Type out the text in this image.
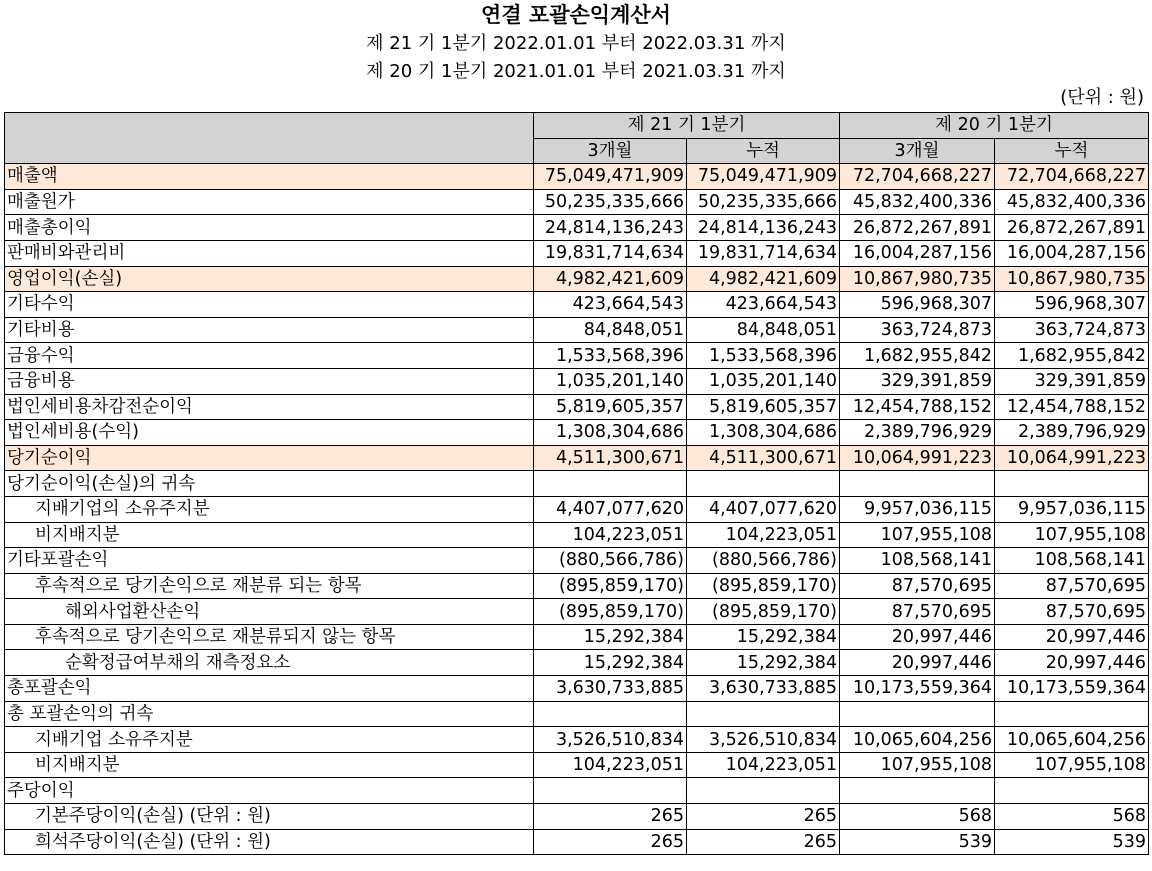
연결 포괄손익계산서
제 21 기 1분기 2022.01.01 부터 2022.03.31 까지
제 20 기 1분기 2021.01.01 부터 2021.03.31 까지
(단위 : 원)
	제 21 기 1분기		제 20 기 1분기	
	3개월	누적	3개월	누적
매출액	75,049,471,909	75,049,471,909	72,704,668,227	72,704,668,227
매출원가	50,235,335,666	50,235,335,666	45,832,400,336	45,832,400,336
매출총이익	24,814,136,243	24,814,136,243	26,872,267,891	26,872,267,891
판매비와관리비	19,831,714,634	19,831,714,634	16,004,287,156	16,004,287,156
영업이익(손실)	4,982,421,609	4,982,421,609	10,867,980,735	10,867,980,735
기타수익	423,664,543	423,664,543	596,968,307	596,968,307
기타비용	84,848,051	84,848,051	363,724,873	363,724,873
금융수익	1,533,568,396	1,533,568,396	1,682,955,842	1,682,955,842
금융비용	1,035,201,140	1,035,201,140	329,391,859	329,391,859
법인세비용차감전순이익	5,819,605,357	5,819,605,357	12,454,788,152	12,454,788,152
법인세비용(수익)	1,308,304,686	1,308,304,686	2,389,796,929	2,389,796,929
당기순이익	4,511,300,671	4,511,300,671	10,064,991,223	10,064,991,223
당기순이익(손실)의 귀속				
지배기업의 소유주지분	4,407,077,620	4,407,077,620	9,957,036,115	9,957,036,115
비지배지분	104,223,051	104,223,051	107,955,108	107,955,108
기타포괄손익	(880,566,786)	(880,566,786)	108,568,141	108,568,141
후속적으로 당기손익으로 재분류 되는 항목	(895,859,170)	(895,859,170)	87,570,695	87,570,695
해외사업환산손익	(895,859,170)	(895,859,170)	87,570,695	87,570,695
후속적으로 당기손익으로 재분류되지 않는 항목	15,292,384	15,292,384	20,997,446	20,997,446
순확정급여부채의 재측정요소	15,292,384	15,292,384	20,997,446	20,997,446
총포괄손익	3,630,733,885	3,630,733,885	10,173,559,364	10,173,559,364
총 포괄손익의 귀속				
지배기업 소유주지분	3,526,510,834	3,526,510,834	10,065,604,256	10,065,604,256
비지배지분	104,223,051	104,223,051	107,955,108	107,955,108
주당이익				
기본주당이익(손실) (단위 : 원)	265	265	568	568
희석주당이익(손실) (단위 : 원)	265	265	539	539
